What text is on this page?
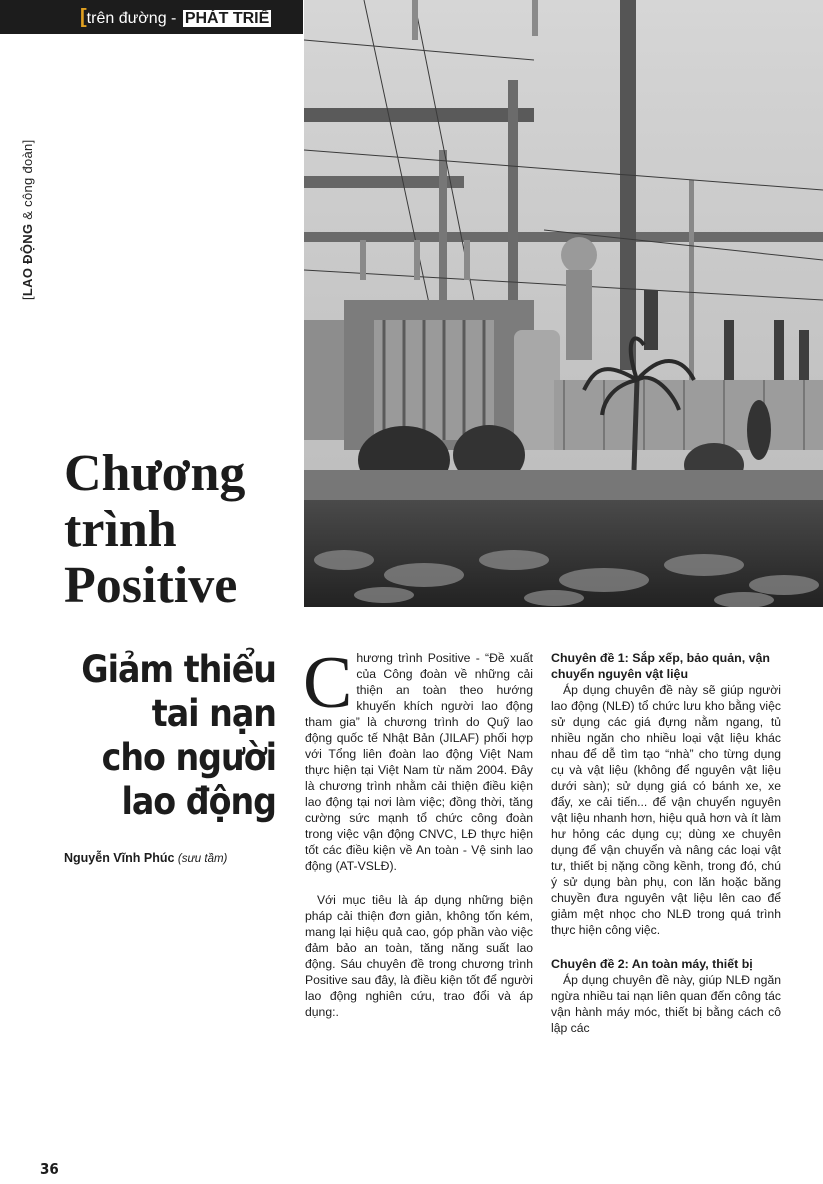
[trên đường - PHÁT TRIỂ
[LAO ĐỘNG & công đoàn]
Chương
trình
Positive
Giảm thiểu
tai nạn
cho người
lao động
Nguyễn Vĩnh Phúc (sưu tầm)

Chương trình Positive - “Đề xuất của Công đoàn về những cải thiện an toàn theo hướng khuyến khích người lao động tham gia” là chương trình do Quỹ lao động quốc tế Nhật Bản (JILAF) phối hợp với Tổng liên đoàn lao động Việt Nam thực hiện tại Việt Nam từ năm 2004. Đây là chương trình nhằm cải thiện điều kiện lao động tại nơi làm việc; đồng thời, tăng cường sức mạnh tổ chức công đoàn trong việc vận động CNVC, LĐ thực hiện tốt các điều kiện về An toàn - Vệ sinh lao động (AT-VSLĐ).

Với mục tiêu là áp dụng những biện pháp cải thiện đơn giản, không tốn kém, mang lại hiệu quả cao, góp phần vào việc đảm bảo an toàn, tăng năng suất lao động. Sáu chuyên đề trong chương trình Positive sau đây, là điều kiện tốt để người lao động nghiên cứu, trao đổi và áp dụng:.

Chuyên đề 1: Sắp xếp, bảo quản, vận chuyển nguyên vật liệu

Áp dụng chuyên đề này sẽ giúp người lao động (NLĐ) tổ chức lưu kho bằng việc sử dụng các giá đựng nằm ngang, tủ nhiều ngăn cho nhiều loại vật liệu khác nhau để dễ tìm tạo “nhà” cho từng dụng cụ và vật liệu (không để nguyên vật liệu dưới sàn); sử dụng giá có bánh xe, xe đẩy, xe cải tiến... để vận chuyển nguyên vật liệu nhanh hơn, hiệu quả hơn và ít làm hư hỏng các dụng cụ; dùng xe chuyên dụng để vận chuyển và nâng các loại vật tư, thiết bị nặng cồng kềnh, trong đó, chú ý sử dụng bàn phụ, con lăn hoặc băng chuyền đưa nguyên vật liệu lên cao để giảm mệt nhọc cho NLĐ trong quá trình thực hiện công việc.

Chuyên đề 2: An toàn máy, thiết bị

Áp dụng chuyên đề này, giúp NLĐ ngăn ngừa nhiều tai nạn liên quan đến công tác vận hành máy móc, thiết bị bằng cách cô lập các

36
